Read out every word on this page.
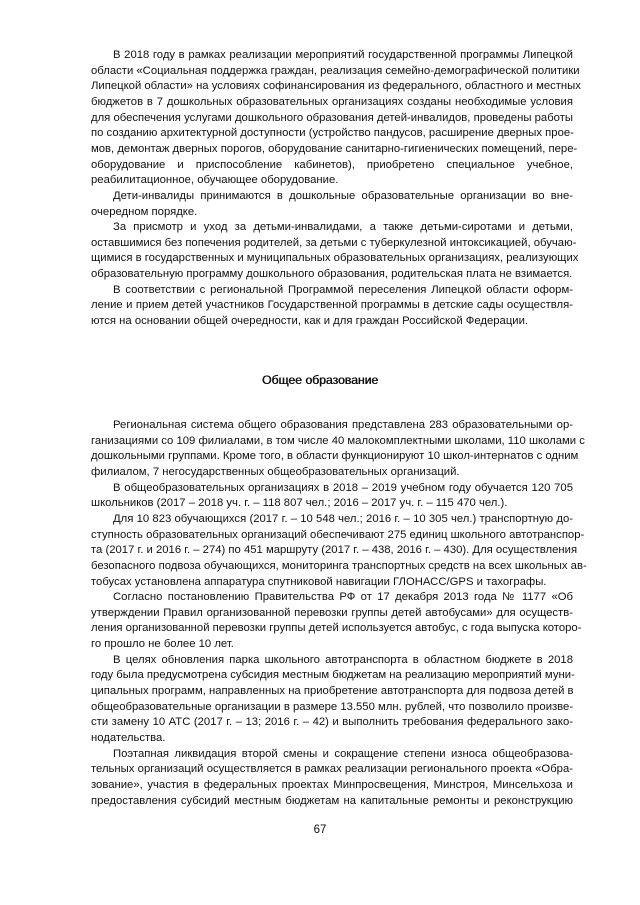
В 2018 году в рамках реализации мероприятий государственной программы Липецкой
области «Социальная поддержка граждан, реализация семейно-демографической политики
Липецкой области» на условиях софинансирования из федерального, областного и местных
бюджетов в 7 дошкольных образовательных организациях созданы необходимые условия
для обеспечения услугами дошкольного образования детей-инвалидов, проведены работы
по созданию архитектурной доступности (устройство пандусов, расширение дверных прое-
мов, демонтаж дверных порогов, оборудование санитарно-гигиенических помещений, пере-
оборудование и приспособление кабинетов), приобретено специальное учебное,
реабилитационное, обучающее оборудование.
Дети-инвалиды принимаются в дошкольные образовательные организации во вне-
очередном порядке.
За присмотр и уход за детьми-инвалидами, а также детьми-сиротами и детьми,
оставшимися без попечения родителей, за детьми с туберкулезной интоксикацией, обучаю-
щимися в государственных и муниципальных образовательных организациях, реализующих
образовательную программу дошкольного образования, родительская плата не взимается.
В соответствии с региональной Программой переселения Липецкой области оформ-
ление и прием детей участников Государственной программы в детские сады осуществля-
ются на основании общей очередности, как и для граждан Российской Федерации.
Общее образование
Региональная система общего образования представлена 283 образовательными ор-
ганизациями со 109 филиалами, в том числе 40 малокомплектными школами, 110 школами с
дошкольными группами. Кроме того, в области функционируют 10 школ-интернатов с одним
филиалом, 7 негосударственных общеобразовательных организаций.
В общеобразовательных организациях в 2018 – 2019 учебном году обучается 120 705
школьников (2017 – 2018 уч. г. – 118 807 чел.; 2016 – 2017 уч. г. – 115 470 чел.).
Для 10 823 обучающихся (2017 г. – 10 548 чел.; 2016 г. – 10 305 чел.) транспортную до-
ступность образовательных организаций обеспечивают 275 единиц школьного автотранспор-
та (2017 г. и 2016 г. – 274) по 451 маршруту (2017 г. – 438, 2016 г. – 430). Для осуществления
безопасного подвоза обучающихся, мониторинга транспортных средств на всех школьных ав-
тобусах установлена аппаратура спутниковой навигации ГЛОНАСС/GPS и тахографы.
Согласно постановлению Правительства РФ от 17 декабря 2013 года № 1177 «Об
утверждении Правил организованной перевозки группы детей автобусами» для осуществ-
ления организованной перевозки группы детей используется автобус, с года выпуска которо-
го прошло не более 10 лет.
В целях обновления парка школьного автотранспорта в областном бюджете в 2018
году была предусмотрена субсидия местным бюджетам на реализацию мероприятий муни-
ципальных программ, направленных на приобретение автотранспорта для подвоза детей в
общеобразовательные организации в размере 13.550 млн. рублей, что позволило произве-
сти замену 10 АТС (2017 г. – 13; 2016 г. – 42) и выполнить требования федерального зако-
нодательства.
Поэтапная ликвидация второй смены и сокращение степени износа общеобразова-
тельных организаций осуществляется в рамках реализации регионального проекта «Обра-
зование», участия в федеральных проектах Минпросвещения, Минстроя, Минсельхоза и
предоставления субсидий местным бюджетам на капитальные ремонты и реконструкцию
67
